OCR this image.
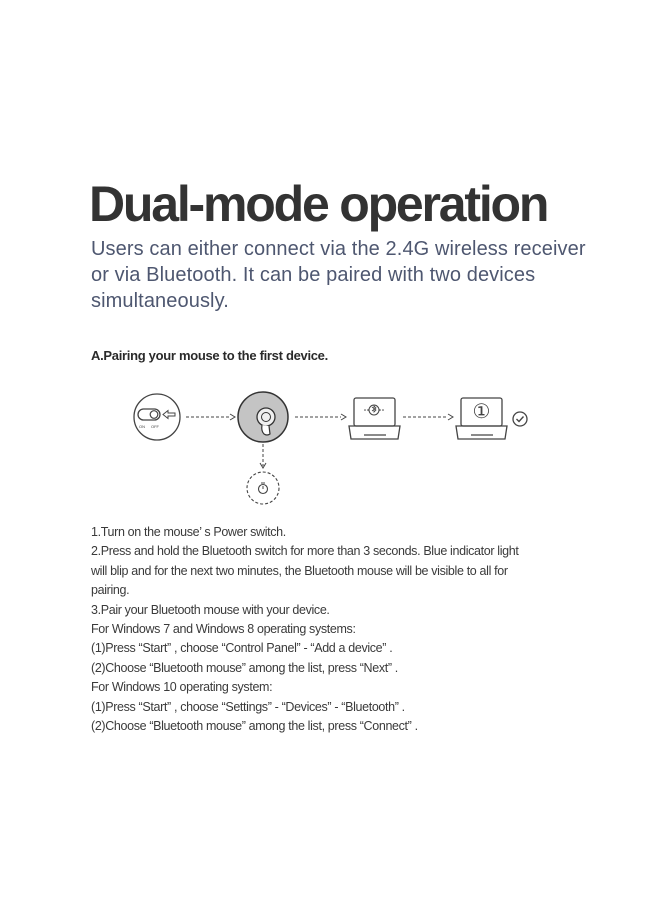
Dual-mode operation

Users can either connect via the 2.4G wireless receiver
or via Bluetooth. It can be paired with two devices
simultaneously.

A.Pairing your mouse to the first device.
ON OFF
①
1.Turn on the mouse’ s Power switch.
2.Press and hold the Bluetooth switch for more than 3 seconds. Blue indicator light
will blip and for the next two minutes, the Bluetooth mouse will be visible to all for
pairing.
3.Pair your Bluetooth mouse with your device.
For Windows 7 and Windows 8 operating systems:
(1)Press “Start” , choose “Control Panel” - “Add a device” .
(2)Choose “Bluetooth mouse” among the list, press “Next” .
For Windows 10 operating system:
(1)Press “Start” , choose “Settings” - “Devices” - “Bluetooth” .
(2)Choose “Bluetooth mouse” among the list, press “Connect” .
